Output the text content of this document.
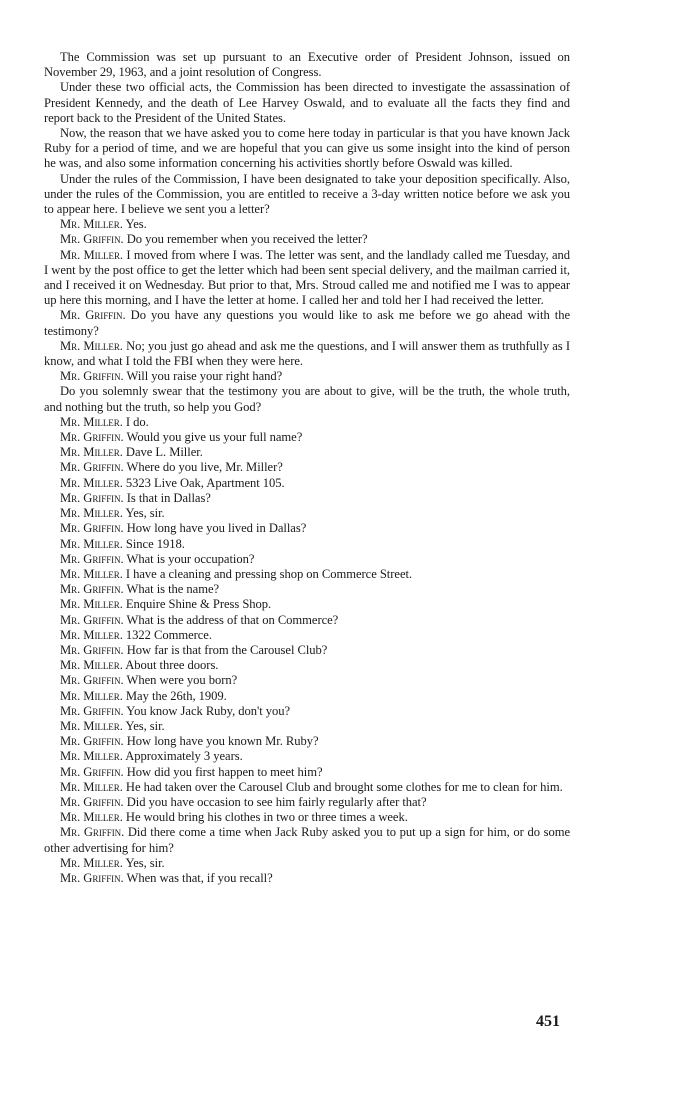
The Commission was set up pursuant to an Executive order of President Johnson, issued on November 29, 1963, and a joint resolution of Congress.

Under these two official acts, the Commission has been directed to investigate the assassination of President Kennedy, and the death of Lee Harvey Oswald, and to evaluate all the facts they find and report back to the President of the United States.

Now, the reason that we have asked you to come here today in particular is that you have known Jack Ruby for a period of time, and we are hopeful that you can give us some insight into the kind of person he was, and also some information concerning his activities shortly before Oswald was killed.

Under the rules of the Commission, I have been designated to take your deposition specifically. Also, under the rules of the Commission, you are entitled to receive a 3-day written notice before we ask you to appear here. I believe we sent you a letter?

Mr. Miller. Yes.

Mr. Griffin. Do you remember when you received the letter?

Mr. Miller. I moved from where I was. The letter was sent, and the landlady called me Tuesday, and I went by the post office to get the letter which had been sent special delivery, and the mailman carried it, and I received it on Wednesday. But prior to that, Mrs. Stroud called me and notified me I was to appear up here this morning, and I have the letter at home. I called her and told her I had received the letter.

Mr. Griffin. Do you have any questions you would like to ask me before we go ahead with the testimony?

Mr. Miller. No; you just go ahead and ask me the questions, and I will answer them as truthfully as I know, and what I told the FBI when they were here.

Mr. Griffin. Will you raise your right hand?

Do you solemnly swear that the testimony you are about to give, will be the truth, the whole truth, and nothing but the truth, so help you God?

Mr. Miller. I do.

Mr. Griffin. Would you give us your full name?

Mr. Miller. Dave L. Miller.

Mr. Griffin. Where do you live, Mr. Miller?

Mr. Miller. 5323 Live Oak, Apartment 105.

Mr. Griffin. Is that in Dallas?

Mr. Miller. Yes, sir.

Mr. Griffin. How long have you lived in Dallas?

Mr. Miller. Since 1918.

Mr. Griffin. What is your occupation?

Mr. Miller. I have a cleaning and pressing shop on Commerce Street.

Mr. Griffin. What is the name?

Mr. Miller. Enquire Shine & Press Shop.

Mr. Griffin. What is the address of that on Commerce?

Mr. Miller. 1322 Commerce.

Mr. Griffin. How far is that from the Carousel Club?

Mr. Miller. About three doors.

Mr. Griffin. When were you born?

Mr. Miller. May the 26th, 1909.

Mr. Griffin. You know Jack Ruby, don't you?

Mr. Miller. Yes, sir.

Mr. Griffin. How long have you known Mr. Ruby?

Mr. Miller. Approximately 3 years.

Mr. Griffin. How did you first happen to meet him?

Mr. Miller. He had taken over the Carousel Club and brought some clothes for me to clean for him.

Mr. Griffin. Did you have occasion to see him fairly regularly after that?

Mr. Miller. He would bring his clothes in two or three times a week.

Mr. Griffin. Did there come a time when Jack Ruby asked you to put up a sign for him, or do some other advertising for him?

Mr. Miller. Yes, sir.

Mr. Griffin. When was that, if you recall?

451
